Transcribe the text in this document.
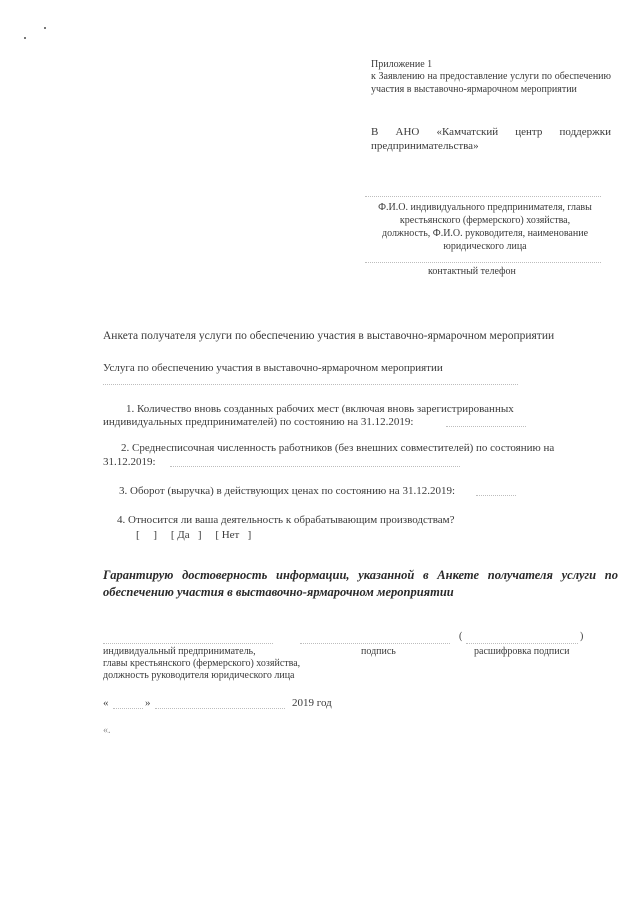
Приложение 1
к Заявлению на предоставление услуги по обеспечению участия в выставочно-ярмарочном мероприятии
В АНО «Камчатский центр поддержки предпринимательства»
Ф.И.О. индивидуального предпринимателя, главы
крестьянского (фермерского) хозяйства,
должность, Ф.И.О. руководителя, наименование
юридического лица
контактный телефон
Анкета получателя услуги по обеспечению участия в выставочно-ярмарочном мероприятии
Услуга по обеспечению участия в выставочно-ярмарочном мероприятии
1. Количество вновь созданных рабочих мест (включая вновь зарегистрированных
индивидуальных предпринимателей) по состоянию на 31.12.2019:
2. Среднесписочная численность работников (без внешних совместителей) по состоянию на
31.12.2019:
3. Оборот (выручка) в действующих ценах по состоянию на 31.12.2019:
4. Относится ли ваша деятельность к обрабатывающим производствам?
[     ] [ Да   ] [ Нет   ]
Гарантирую достоверность информации, указанной в Анкете получателя услуги по обеспечению участия в выставочно-ярмарочном мероприятии
(	)
индивидуальный предприниматель,	подпись	расшифровка подписи
главы крестьянского (фермерского) хозяйства,
должность руководителя юридического лица
«	»	2019 год
«.
